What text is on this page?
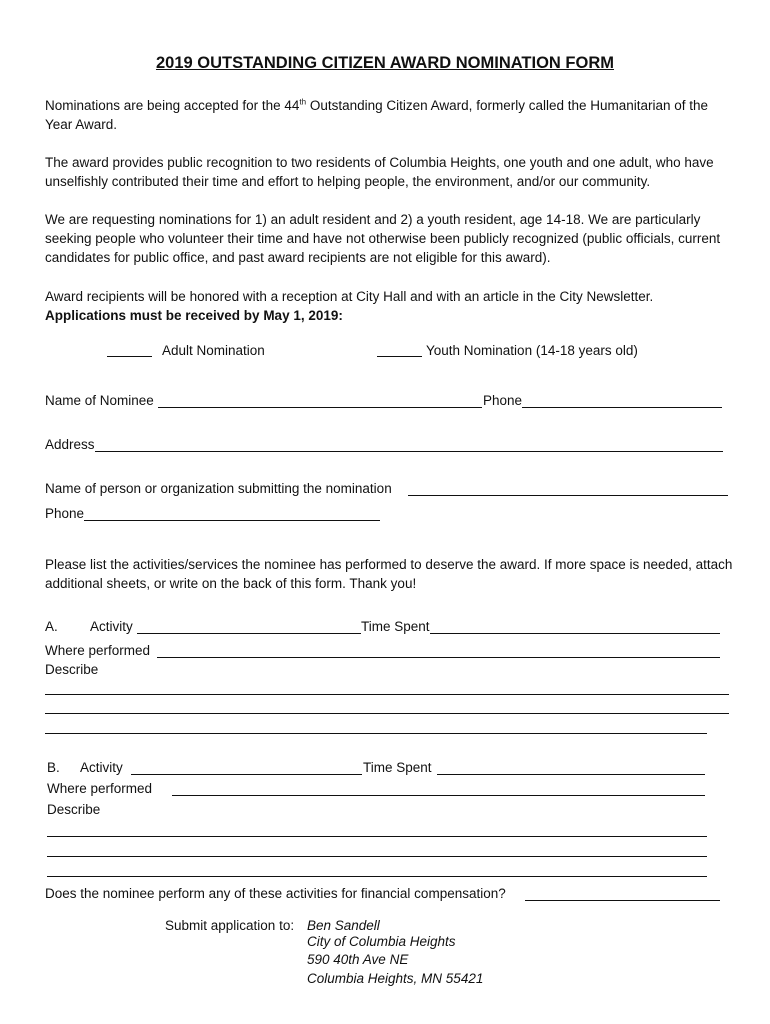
2019 OUTSTANDING CITIZEN AWARD NOMINATION FORM
Nominations are being accepted for the 44th Outstanding Citizen Award, formerly called the Humanitarian of the Year Award.
The award provides public recognition to two residents of Columbia Heights, one youth and one adult, who have unselfishly contributed their time and effort to helping people, the environment, and/or our community.
We are requesting nominations for 1) an adult resident and 2) a youth resident, age 14-18. We are particularly seeking people who volunteer their time and have not otherwise been publicly recognized (public officials, current candidates for public office, and past award recipients are not eligible for this award).
Award recipients will be honored with a reception at City Hall and with an article in the City Newsletter.
Applications must be received by May 1, 2019:
Adult Nomination	Youth Nomination (14-18 years old)
Name of Nominee	Phone
Address
Name of person or organization submitting the nomination
Phone
Please list the activities/services the nominee has performed to deserve the award. If more space is needed, attach additional sheets, or write on the back of this form. Thank you!
A. Activity	Time Spent
Where performed
Describe
B. Activity	Time Spent
Where performed
Describe
Does the nominee perform any of these activities for financial compensation?
Submit application to: Ben Sandell
City of Columbia Heights
590 40th Ave NE
Columbia Heights, MN 55421
